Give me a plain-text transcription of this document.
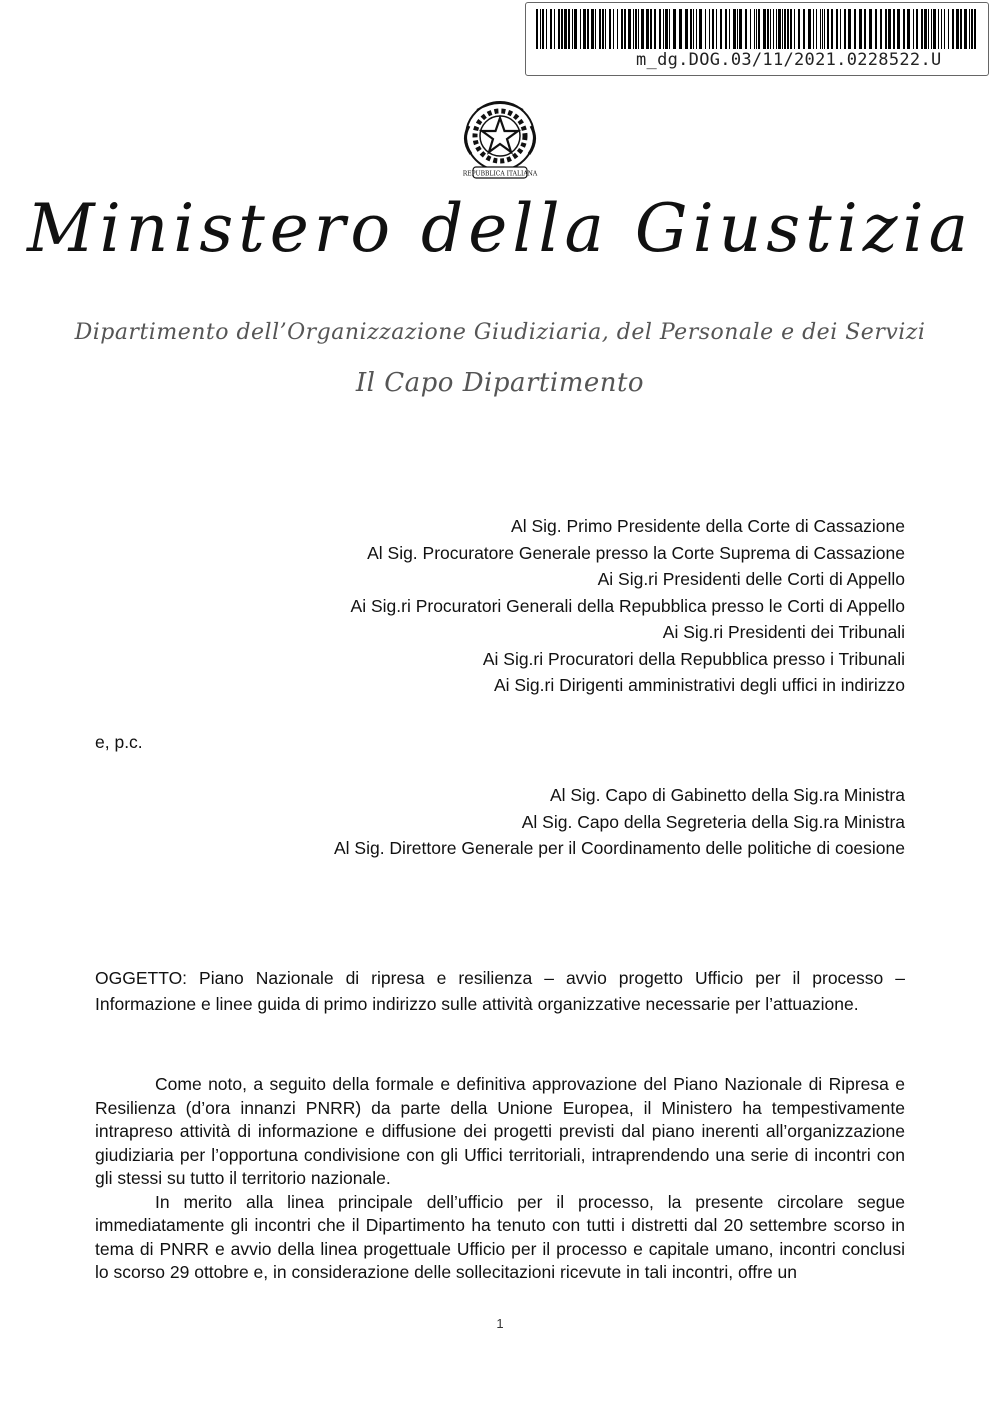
m_dg.DOG.03/11/2021.0228522.U
REPUBBLICA ITALIANA
Ministero della Giustizia
Dipartimento dell’Organizzazione Giudiziaria, del Personale e dei Servizi
Il Capo Dipartimento
Al Sig. Primo Presidente della Corte di Cassazione
Al Sig. Procuratore Generale presso la Corte Suprema di Cassazione
Ai Sig.ri Presidenti delle Corti di Appello
Ai Sig.ri Procuratori Generali della Repubblica presso le Corti di Appello
Ai Sig.ri Presidenti dei Tribunali
Ai Sig.ri Procuratori della Repubblica presso i Tribunali
Ai Sig.ri Dirigenti amministrativi degli uffici in indirizzo
e, p.c.
Al Sig. Capo di Gabinetto della Sig.ra Ministra
Al Sig. Capo della Segreteria della Sig.ra Ministra
Al Sig. Direttore Generale per il Coordinamento delle politiche di coesione
OGGETTO: Piano Nazionale di ripresa e resilienza – avvio progetto Ufficio per il processo –Informazione e linee guida di primo indirizzo sulle attività organizzative necessarie per l’attuazione.

Come noto, a seguito della formale e definitiva approvazione del Piano Nazionale di Ripresa e Resilienza (d’ora innanzi PNRR) da parte della Unione Europea, il Ministero ha tempestivamente intrapreso attività di informazione e diffusione dei progetti previsti dal piano inerenti all’organizzazione giudiziaria per l’opportuna condivisione con gli Uffici territoriali, intraprendendo una serie di incontri con gli stessi su tutto il territorio nazionale.

In merito alla linea principale dell’ufficio per il processo, la presente circolare segue immediatamente gli incontri che il Dipartimento ha tenuto con tutti i distretti dal 20 settembre scorso in tema di PNRR e avvio della linea progettuale Ufficio per il processo e capitale umano, incontri conclusi lo scorso 29 ottobre e, in considerazione delle sollecitazioni ricevute in tali incontri, offre un

1
